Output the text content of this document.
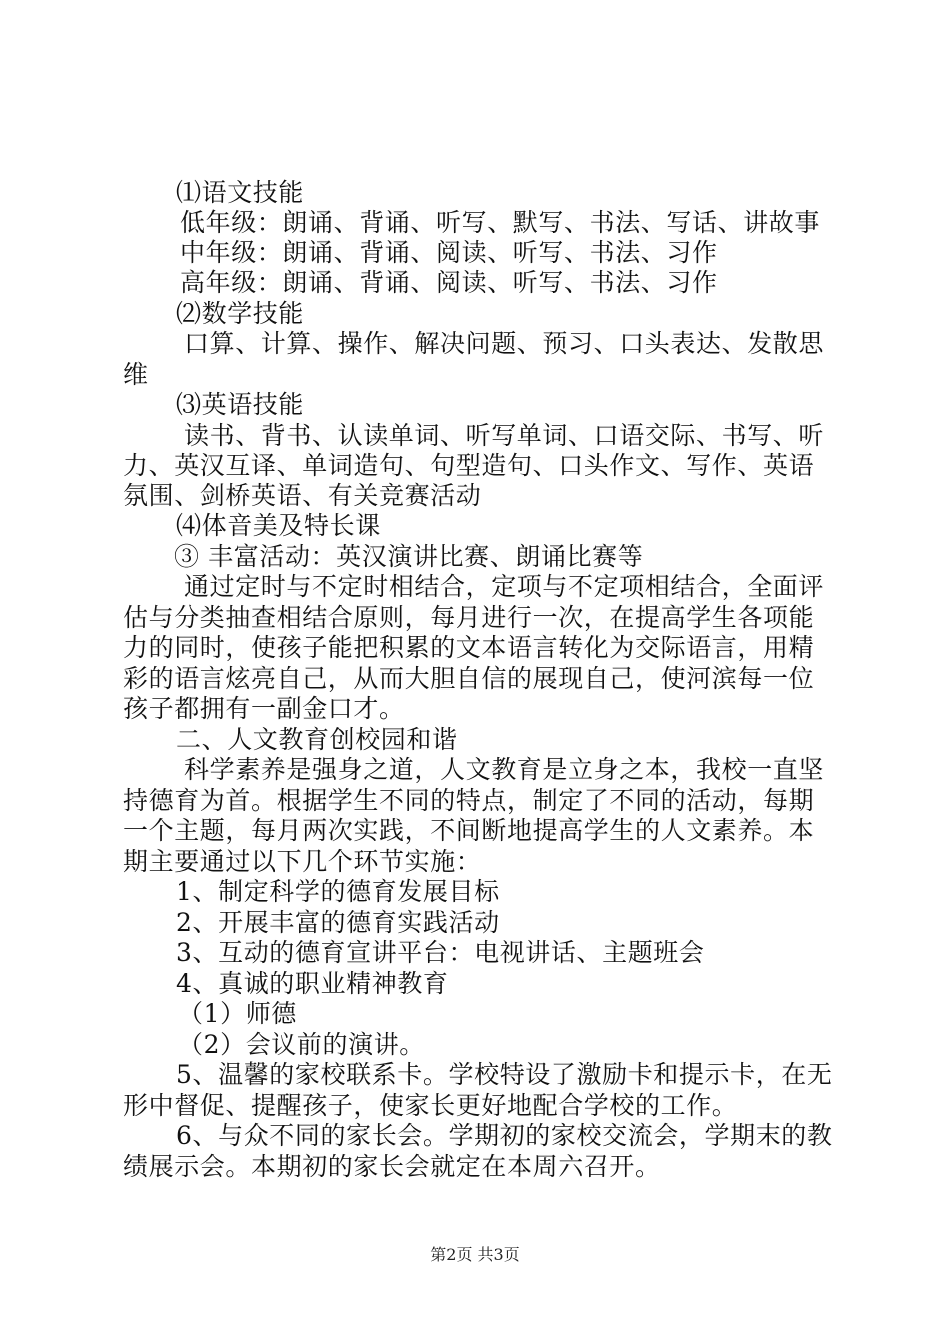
⑴语文技能

低年级：朗诵、背诵、听写、默写、书法、写话、讲故事

中年级：朗诵、背诵、阅读、听写、书法、习作

高年级：朗诵、背诵、阅读、听写、书法、习作

⑵数学技能

口算、计算、操作、解决问题、预习、口头表达、发散思

维

⑶英语技能

读书、背书、认读单词、听写单词、口语交际、书写、听

力、英汉互译、单词造句、句型造句、口头作文、写作、英语

氛围、剑桥英语、有关竞赛活动

⑷体音美及特长课

③ 丰富活动：英汉演讲比赛、朗诵比赛等

通过定时与不定时相结合，定项与不定项相结合，全面评

估与分类抽查相结合原则，每月进行一次，在提高学生各项能

力的同时，使孩子能把积累的文本语言转化为交际语言，用精

彩的语言炫亮自己，从而大胆自信的展现自己，使河滨每一位

孩子都拥有一副金口才。

二、人文教育创校园和谐

科学素养是强身之道，人文教育是立身之本，我校一直坚

持德育为首。根据学生不同的特点，制定了不同的活动，每期

一个主题，每月两次实践，不间断地提高学生的人文素养。本

期主要通过以下几个环节实施：

1、制定科学的德育发展目标

2、开展丰富的德育实践活动

3、互动的德育宣讲平台：电视讲话、主题班会

4、真诚的职业精神教育

（1）师德

（2）会议前的演讲。

5、温馨的家校联系卡。学校特设了激励卡和提示卡，在无

形中督促、提醒孩子，使家长更好地配合学校的工作。

6、与众不同的家长会。学期初的家校交流会，学期末的教

绩展示会。本期初的家长会就定在本周六召开。

第2页 共3页
